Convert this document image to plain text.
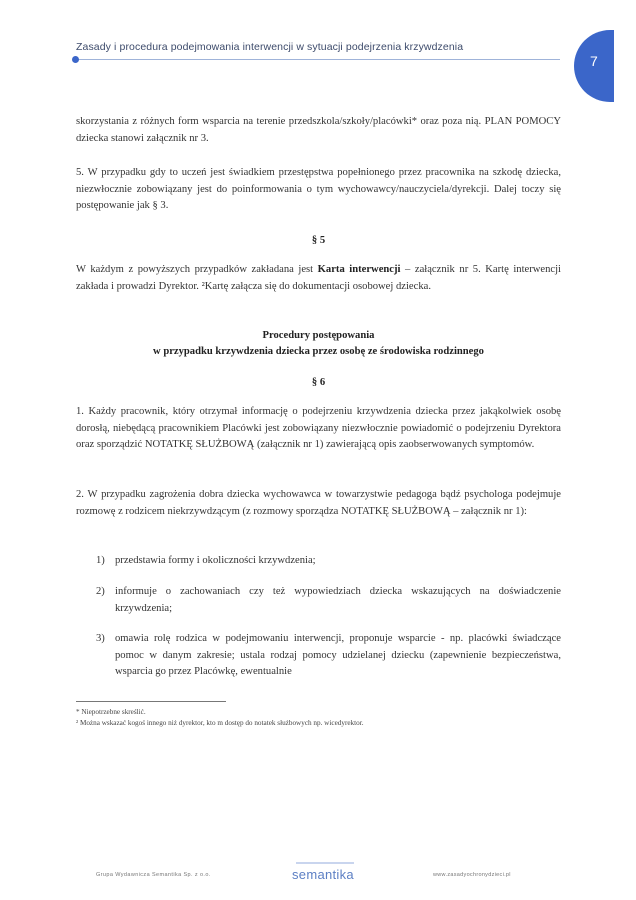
Zasady i procedura podejmowania interwencji w sytuacji podejrzenia krzywdzenia
7
skorzystania z różnych form wsparcia na terenie przedszkola/szkoły/placówki* oraz poza nią. PLAN POMOCY dziecka stanowi załącznik nr 3.
5. W przypadku gdy to uczeń jest świadkiem przestępstwa popełnionego przez pracownika na szkodę dziecka, niezwłocznie zobowiązany jest do poinformowania o tym wychowawcy/nauczyciela/dyrekcji. Dalej toczy się postępowanie jak § 3.
§ 5
W każdym z powyższych przypadków zakładana jest Karta interwencji – załącznik nr 5. Kartę interwencji zakłada i prowadzi Dyrektor. ²Kartę załącza się do dokumentacji osobowej dziecka.
Procedury postępowania
w przypadku krzywdzenia dziecka przez osobę ze środowiska rodzinnego
§ 6
1. Każdy pracownik, który otrzymał informację o podejrzeniu krzywdzenia dziecka przez jakąkolwiek osobę dorosłą, niebędącą pracownikiem Placówki jest zobowiązany niezwłocznie powiadomić o podejrzeniu Dyrektora oraz sporządzić NOTATKĘ SŁUŻBOWĄ (załącznik nr 1) zawierającą opis zaobserwowanych symptomów.
2. W przypadku zagrożenia dobra dziecka wychowawca w towarzystwie pedagoga bądź psychologa podejmuje rozmowę z rodzicem niekrzywdzącym (z rozmowy sporządza NOTATKĘ SŁUŻBOWĄ – załącznik nr 1):
1) przedstawia formy i okoliczności krzywdzenia;
2) informuje o zachowaniach czy też wypowiedziach dziecka wskazujących na doświadczenie krzywdzenia;
3) omawia rolę rodzica w podejmowaniu interwencji, proponuje wsparcie - np. placówki świadczące pomoc w danym zakresie; ustala rodzaj pomocy udzielanej dziecku (zapewnienie bezpieczeństwa, wsparcia go przez Placówkę, ewentualnie
* Niepotrzebne skreślić.
² Można wskazać kogoś innego niż dyrektor, kto m dostęp do notatek służbowych np. wicedyrektor.
Grupa Wydawnicza Semantika Sp. z o.o.	semantika	www.zasadyochronydzieci.pl
